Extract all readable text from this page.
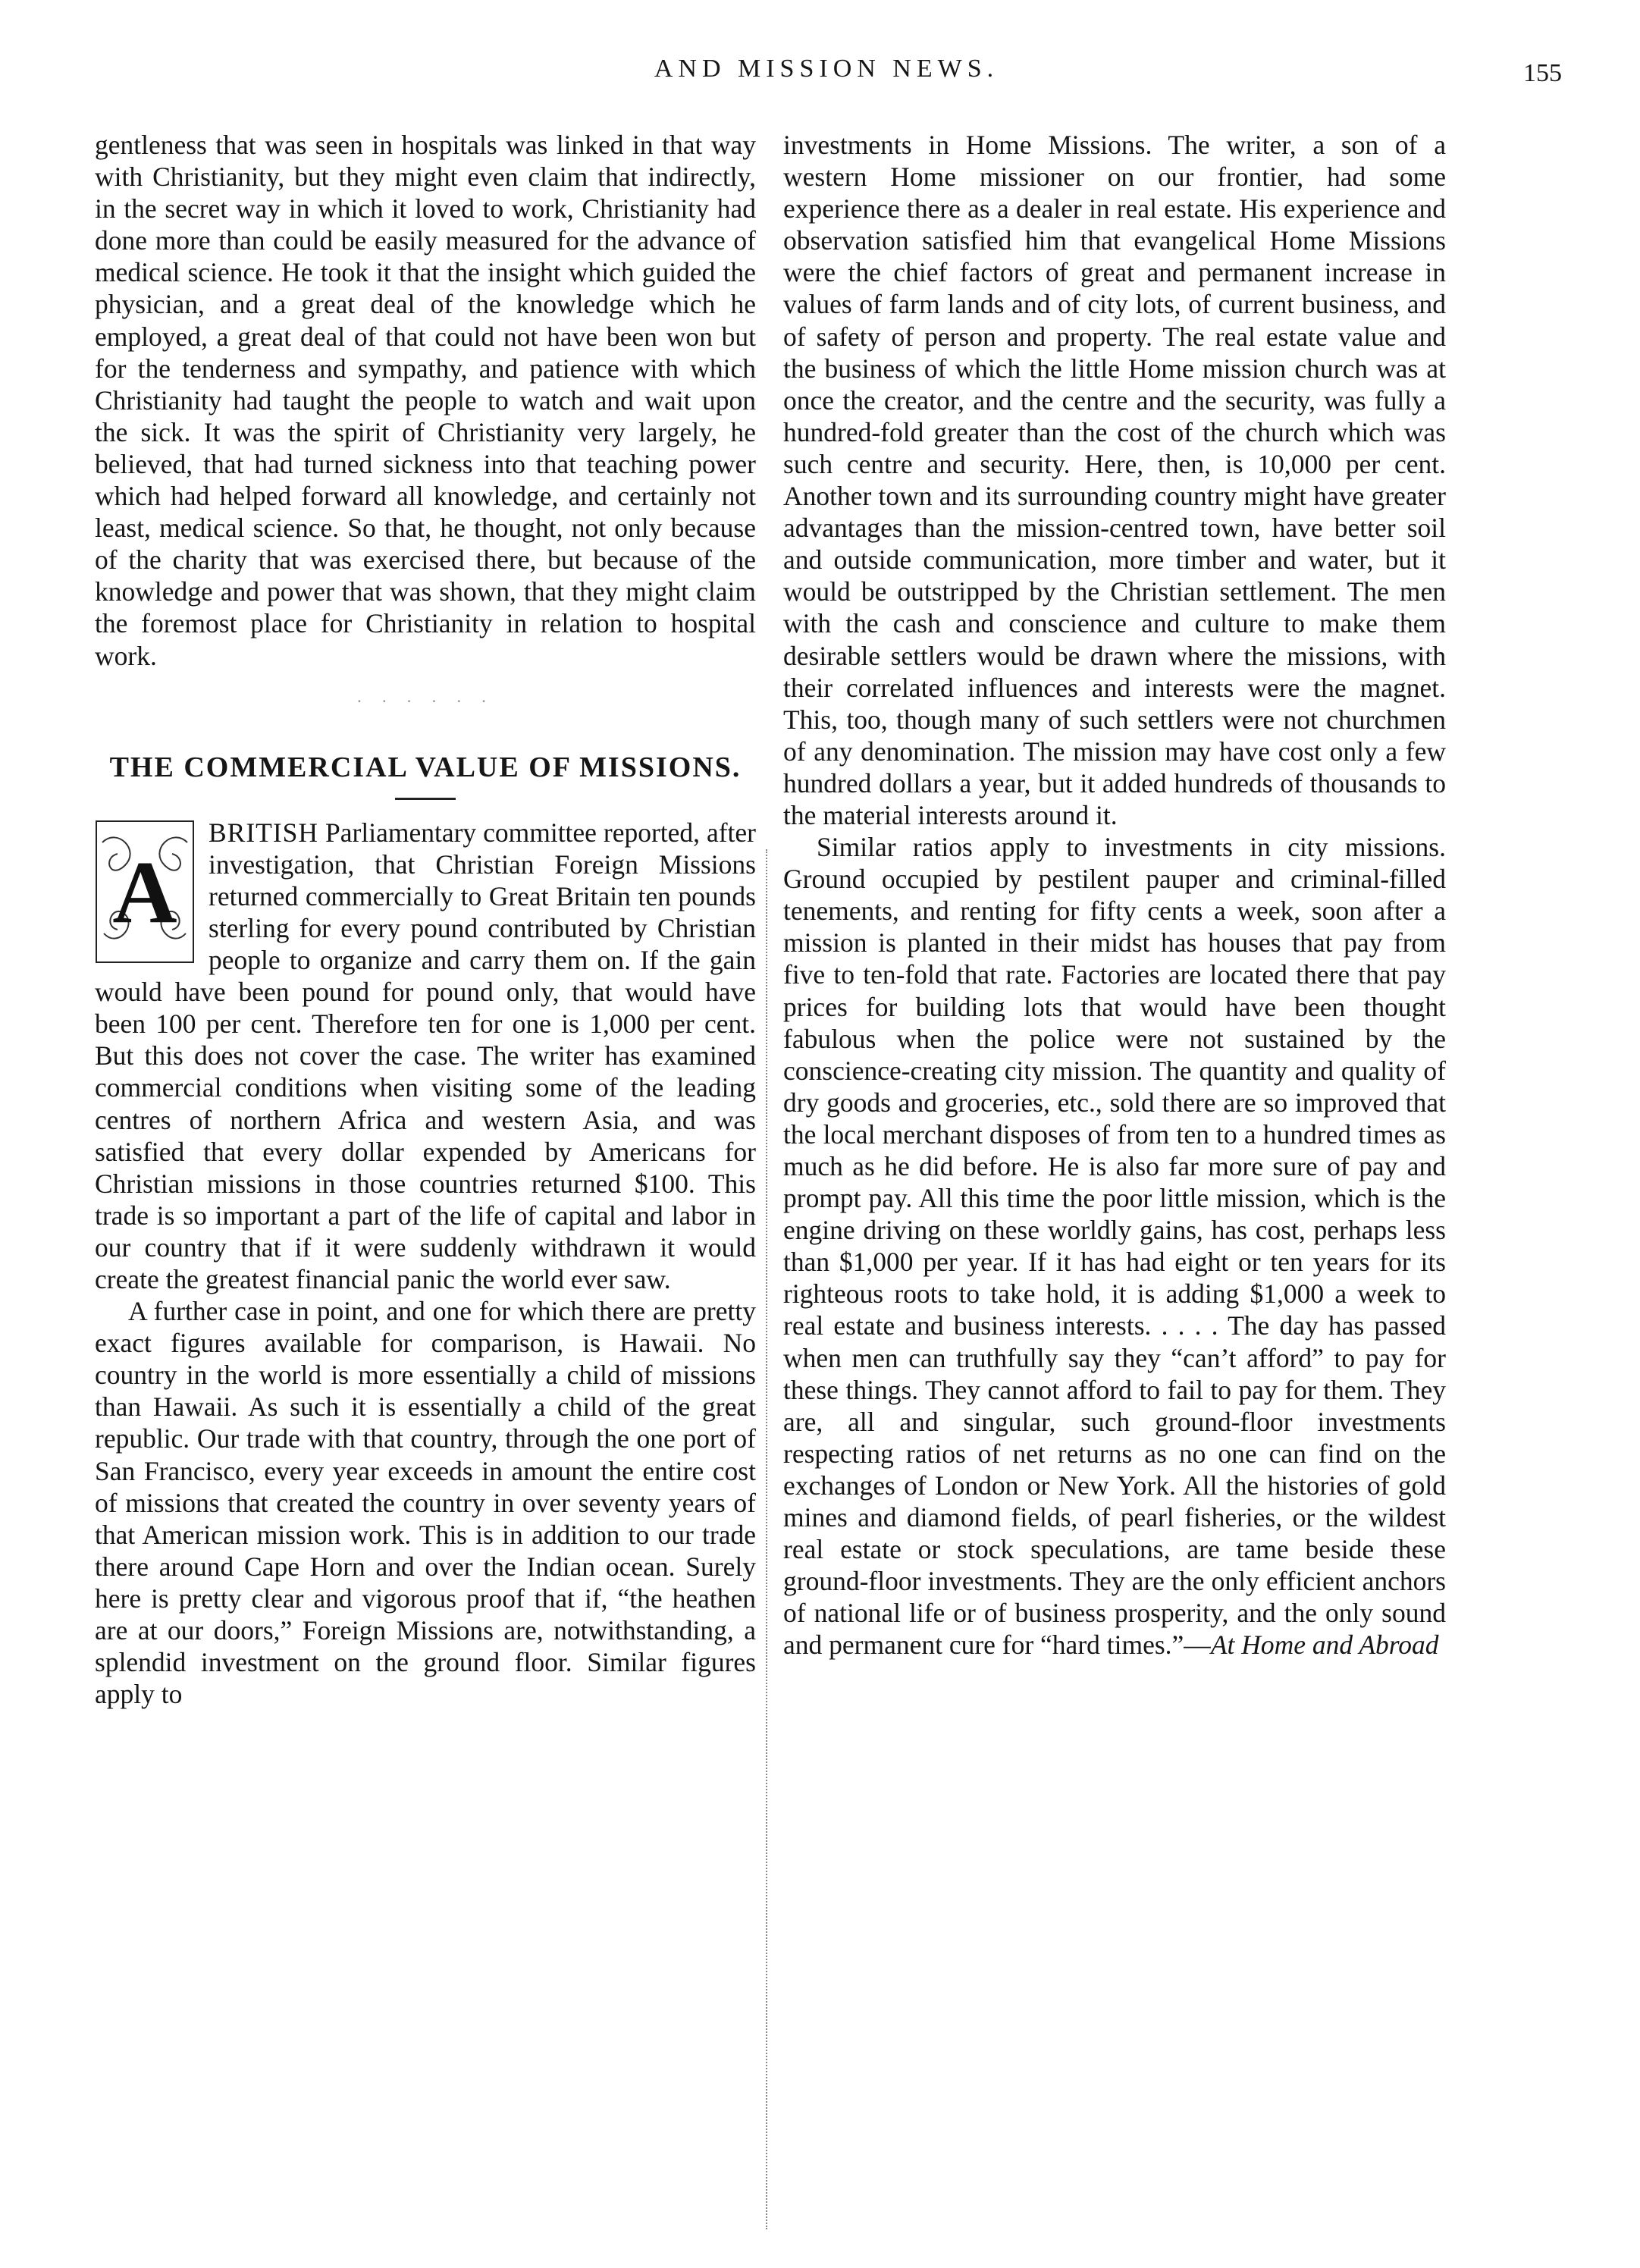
AND MISSION NEWS.	155

gentleness that was seen in hospitals was linked in that way with Christianity, but they might even claim that indirectly, in the secret way in which it loved to work, Christianity had done more than could be easily measured for the advance of medical science. He took it that the insight which guided the physician, and a great deal of the knowledge which he employed, a great deal of that could not have been won but for the tenderness and sympathy, and patience with which Christianity had taught the people to watch and wait upon the sick. It was the spirit of Christianity very largely, he believed, that had turned sickness into that teaching power which had helped forward all knowledge, and certainly not least, medical science. So that, he thought, not only because of the charity that was exercised there, but because of the knowledge and power that was shown, that they might claim the foremost place for Christianity in relation to hospital work.

· · · · · ·
THE COMMERCIAL VALUE OF MISSIONS.
A

BRITISH Parliamentary committee reported, after investigation, that Christian Foreign Missions returned commercially to Great Britain ten pounds sterling for every pound contributed by Christian people to organize and carry them on. If the gain would have been pound for pound only, that would have been 100 per cent. Therefore ten for one is 1,000 per cent. But this does not cover the case. The writer has examined commercial conditions when visiting some of the leading centres of northern Africa and western Asia, and was satisfied that every dollar expended by Americans for Christian missions in those countries returned $100. This trade is so important a part of the life of capital and labor in our country that if it were suddenly withdrawn it would create the greatest financial panic the world ever saw.

A further case in point, and one for which there are pretty exact figures available for comparison, is Hawaii. No country in the world is more essentially a child of missions than Hawaii. As such it is essentially a child of the great republic. Our trade with that country, through the one port of San Francisco, every year exceeds in amount the entire cost of missions that created the country in over seventy years of that American mission work. This is in addition to our trade there around Cape Horn and over the Indian ocean. Surely here is pretty clear and vigorous proof that if, “the heathen are at our doors,” Foreign Missions are, notwithstanding, a splendid investment on the ground floor. Similar figures apply to

investments in Home Missions. The writer, a son of a western Home missioner on our frontier, had some experience there as a dealer in real estate. His experience and observation satisfied him that evangelical Home Missions were the chief factors of great and permanent increase in values of farm lands and of city lots, of current business, and of safety of person and property. The real estate value and the business of which the little Home mission church was at once the creator, and the centre and the security, was fully a hundred-fold greater than the cost of the church which was such centre and security. Here, then, is 10,000 per cent. Another town and its surrounding country might have greater advantages than the mission-centred town, have better soil and outside communication, more timber and water, but it would be outstripped by the Christian settlement. The men with the cash and conscience and culture to make them desirable settlers would be drawn where the missions, with their correlated influences and interests were the magnet. This, too, though many of such settlers were not churchmen of any denomination. The mission may have cost only a few hundred dollars a year, but it added hundreds of thousands to the material interests around it.

Similar ratios apply to investments in city missions. Ground occupied by pestilent pauper and criminal-filled tenements, and renting for fifty cents a week, soon after a mission is planted in their midst has houses that pay from five to ten-fold that rate. Factories are located there that pay prices for building lots that would have been thought fabulous when the police were not sustained by the conscience-creating city mission. The quantity and quality of dry goods and groceries, etc., sold there are so improved that the local merchant disposes of from ten to a hundred times as much as he did before. He is also far more sure of pay and prompt pay. All this time the poor little mission, which is the engine driving on these worldly gains, has cost, perhaps less than $1,000 per year. If it has had eight or ten years for its righteous roots to take hold, it is adding $1,000 a week to real estate and business interests. . . . . The day has passed when men can truthfully say they “can’t afford” to pay for these things. They cannot afford to fail to pay for them. They are, all and singular, such ground-floor investments respecting ratios of net returns as no one can find on the exchanges of London or New York. All the histories of gold mines and diamond fields, of pearl fisheries, or the wildest real estate or stock speculations, are tame beside these ground-floor investments. They are the only efficient anchors of national life or of business prosperity, and the only sound and permanent cure for “hard times.”—At Home and Abroad
